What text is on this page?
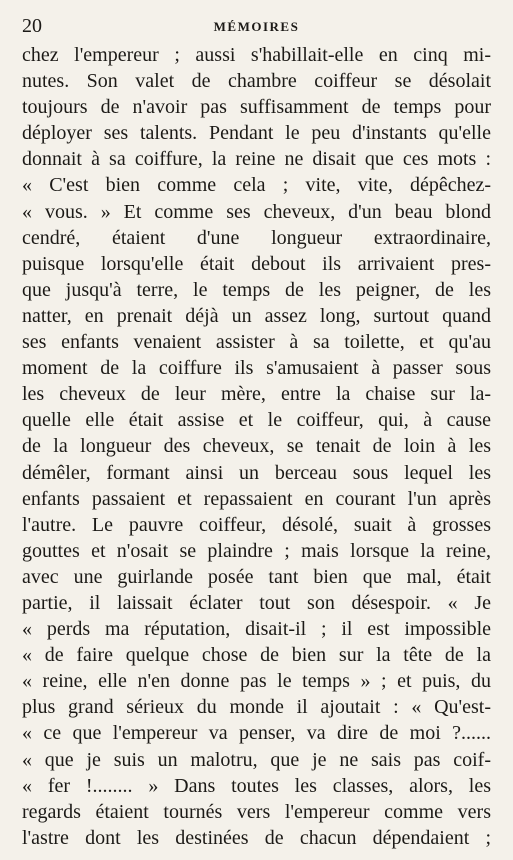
20	MÉMOIRES
chez l'empereur ; aussi s'habillait-elle en cinq mi-
nutes. Son valet de chambre coiffeur se désolait
toujours de n'avoir pas suffisamment de temps pour
déployer ses talents. Pendant le peu d'instants qu'elle
donnait à sa coiffure, la reine ne disait que ces mots :
« C'est bien comme cela ; vite, vite, dépêchez-
« vous. » Et comme ses cheveux, d'un beau blond
cendré, étaient d'une longueur extraordinaire,
puisque lorsqu'elle était debout ils arrivaient pres-
que jusqu'à terre, le temps de les peigner, de les
natter, en prenait déjà un assez long, surtout quand
ses enfants venaient assister à sa toilette, et qu'au
moment de la coiffure ils s'amusaient à passer sous
les cheveux de leur mère, entre la chaise sur la-
quelle elle était assise et le coiffeur, qui, à cause
de la longueur des cheveux, se tenait de loin à les
démêler, formant ainsi un berceau sous lequel les
enfants passaient et repassaient en courant l'un après
l'autre. Le pauvre coiffeur, désolé, suait à grosses
gouttes et n'osait se plaindre ; mais lorsque la reine,
avec une guirlande posée tant bien que mal, était
partie, il laissait éclater tout son désespoir. « Je
« perds ma réputation, disait-il ; il est impossible
« de faire quelque chose de bien sur la tête de la
« reine, elle n'en donne pas le temps » ; et puis, du
plus grand sérieux du monde il ajoutait : « Qu'est-
« ce que l'empereur va penser, va dire de moi ?......
« que je suis un malotru, que je ne sais pas coif-
« fer !........ » Dans toutes les classes, alors, les
regards étaient tournés vers l'empereur comme vers
l'astre dont les destinées de chacun dépendaient ;
